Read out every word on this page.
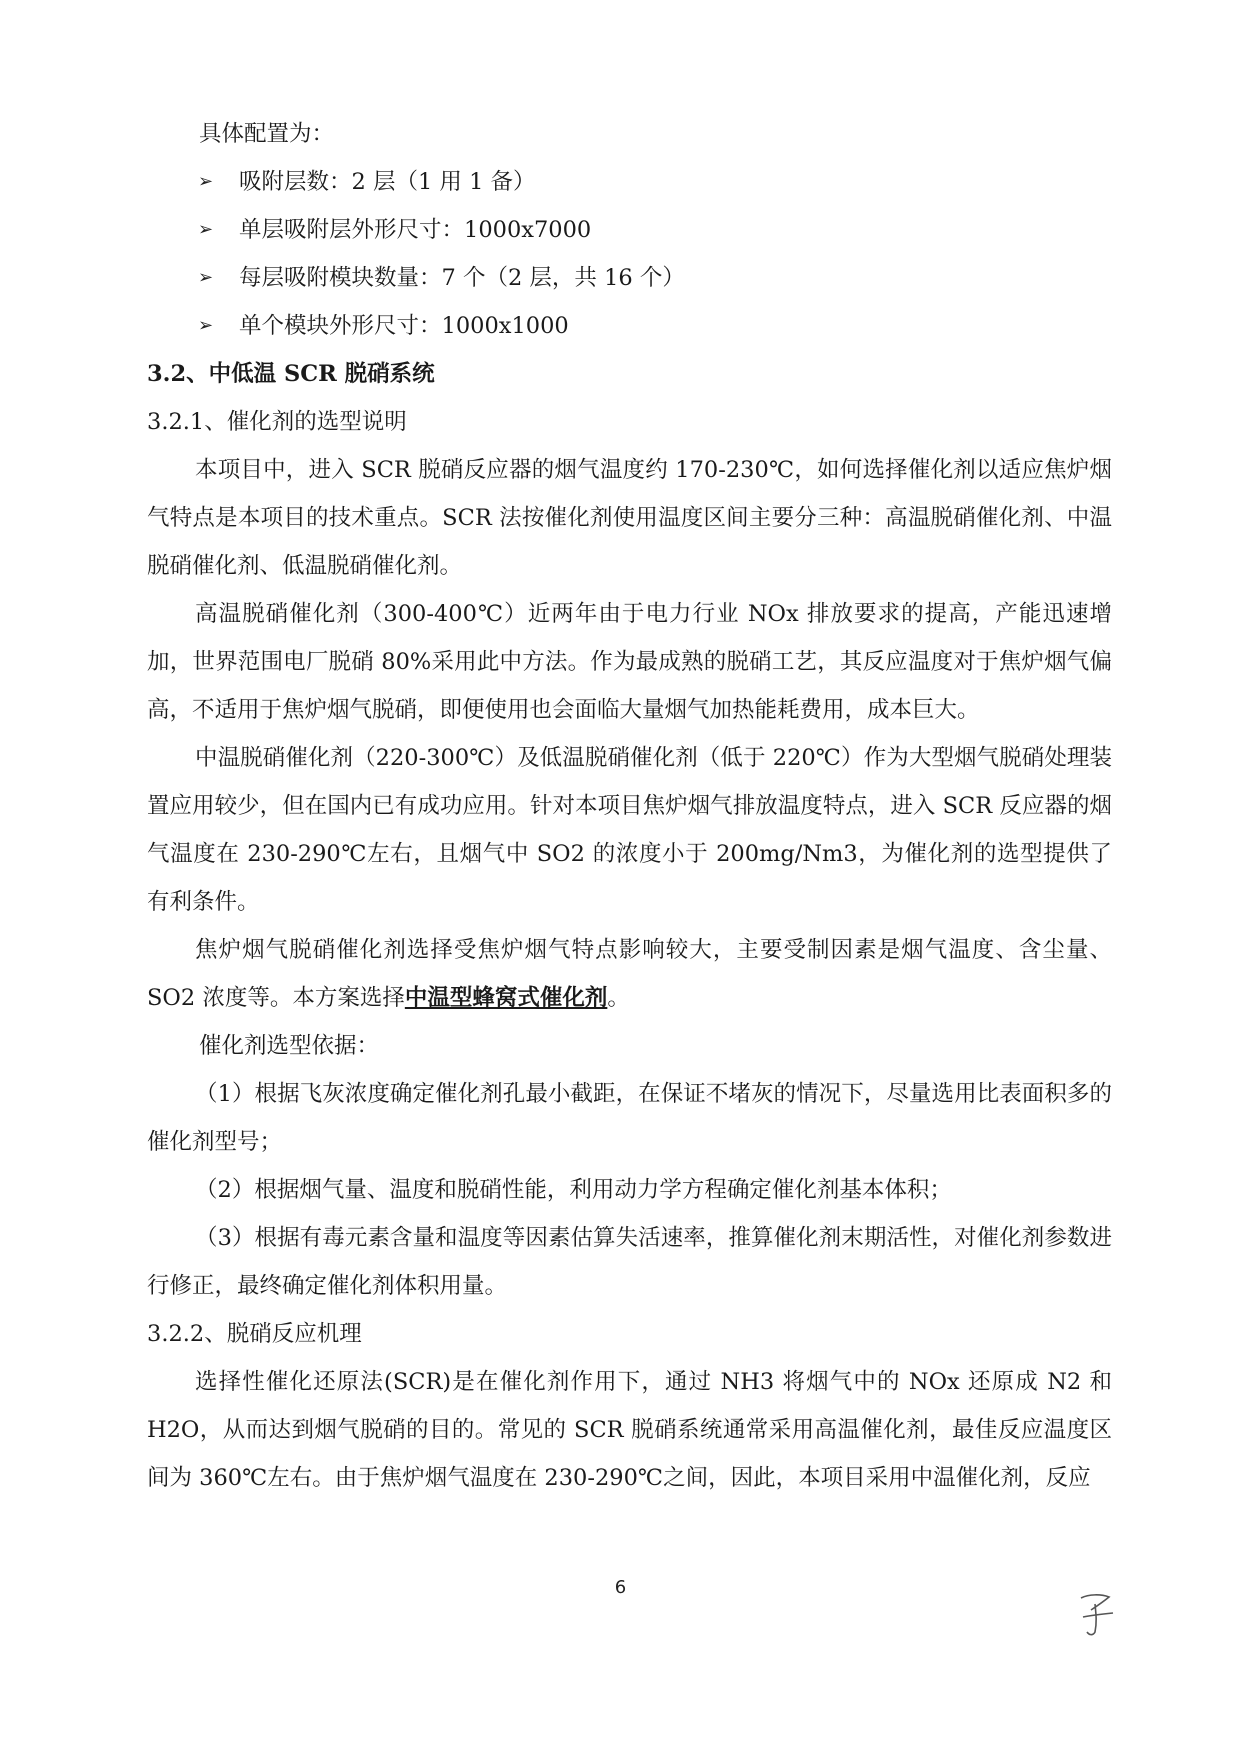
具体配置为：

➢ 吸附层数：2 层（1 用 1 备）
➢ 单层吸附层外形尺寸：1000x7000
➢ 每层吸附模块数量：7 个（2 层，共 16 个）
➢ 单个模块外形尺寸：1000x1000

3.2、中低温 SCR 脱硝系统

3.2.1、催化剂的选型说明

本项目中，进入 SCR 脱硝反应器的烟气温度约 170-230℃，如何选择催化剂以适应焦炉烟气特点是本项目的技术重点。SCR 法按催化剂使用温度区间主要分三种：高温脱硝催化剂、中温脱硝催化剂、低温脱硝催化剂。

高温脱硝催化剂（300-400℃）近两年由于电力行业 NOx 排放要求的提高，产能迅速增加，世界范围电厂脱硝 80%采用此中方法。作为最成熟的脱硝工艺，其反应温度对于焦炉烟气偏高，不适用于焦炉烟气脱硝，即便使用也会面临大量烟气加热能耗费用，成本巨大。

中温脱硝催化剂（220-300℃）及低温脱硝催化剂（低于 220℃）作为大型烟气脱硝处理装置应用较少，但在国内已有成功应用。针对本项目焦炉烟气排放温度特点，进入 SCR 反应器的烟气温度在 230-290℃左右，且烟气中 SO2 的浓度小于 200mg/Nm3，为催化剂的选型提供了有利条件。

焦炉烟气脱硝催化剂选择受焦炉烟气特点影响较大，主要受制因素是烟气温度、含尘量、SO2 浓度等。本方案选择中温型蜂窝式催化剂。

催化剂选型依据：

（1）根据飞灰浓度确定催化剂孔最小截距，在保证不堵灰的情况下，尽量选用比表面积多的催化剂型号；

（2）根据烟气量、温度和脱硝性能，利用动力学方程确定催化剂基本体积；

（3）根据有毒元素含量和温度等因素估算失活速率，推算催化剂末期活性，对催化剂参数进行修正，最终确定催化剂体积用量。

3.2.2、脱硝反应机理

选择性催化还原法(SCR)是在催化剂作用下，通过 NH3 将烟气中的 NOx 还原成 N2 和 H2O，从而达到烟气脱硝的目的。常见的 SCR 脱硝系统通常采用高温催化剂，最佳反应温度区间为 360℃左右。由于焦炉烟气温度在 230-290℃之间，因此，本项目采用中温催化剂，反应

6
